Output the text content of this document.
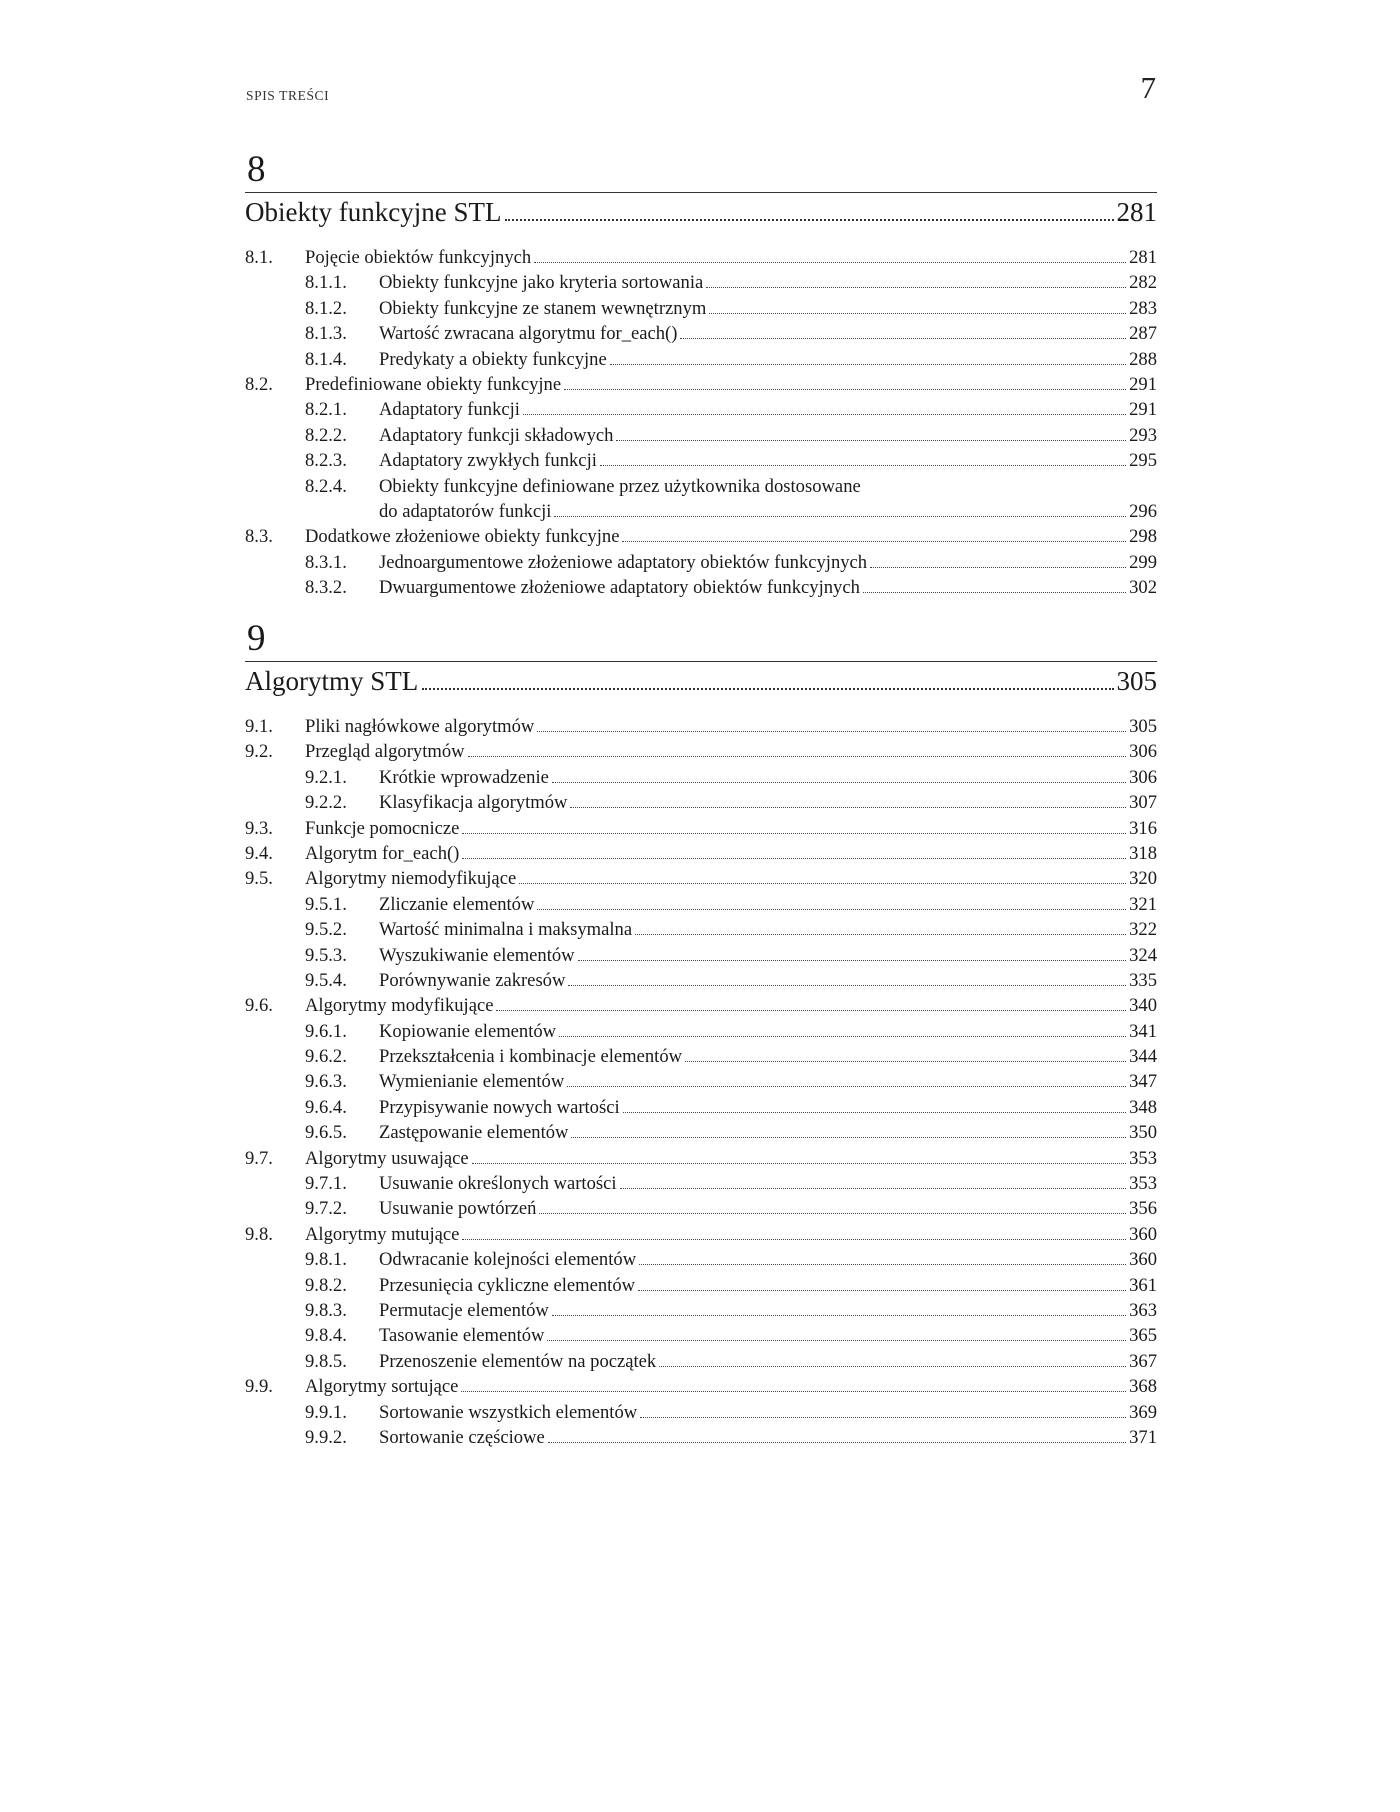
SPIS TREŚCI	7
8
Obiekty funkcyjne STL	281
8.1.	Pojęcie obiektów funkcyjnych	281
8.1.1.	Obiekty funkcyjne jako kryteria sortowania	282
8.1.2.	Obiekty funkcyjne ze stanem wewnętrznym	283
8.1.3.	Wartość zwracana algorytmu for_each()	287
8.1.4.	Predykaty a obiekty funkcyjne	288
8.2.	Predefiniowane obiekty funkcyjne	291
8.2.1.	Adaptatory funkcji	291
8.2.2.	Adaptatory funkcji składowych	293
8.2.3.	Adaptatory zwykłych funkcji	295
8.2.4.	Obiekty funkcyjne definiowane przez użytkownika dostosowane
do adaptatorów funkcji	296
8.3.	Dodatkowe złożeniowe obiekty funkcyjne	298
8.3.1.	Jednoargumentowe złożeniowe adaptatory obiektów funkcyjnych	299
8.3.2.	Dwuargumentowe złożeniowe adaptatory obiektów funkcyjnych	302
9
Algorytmy STL	305
9.1.	Pliki nagłówkowe algorytmów	305
9.2.	Przegląd algorytmów	306
9.2.1.	Krótkie wprowadzenie	306
9.2.2.	Klasyfikacja algorytmów	307
9.3.	Funkcje pomocnicze	316
9.4.	Algorytm for_each()	318
9.5.	Algorytmy niemodyfikujące	320
9.5.1.	Zliczanie elementów	321
9.5.2.	Wartość minimalna i maksymalna	322
9.5.3.	Wyszukiwanie elementów	324
9.5.4.	Porównywanie zakresów	335
9.6.	Algorytmy modyfikujące	340
9.6.1.	Kopiowanie elementów	341
9.6.2.	Przekształcenia i kombinacje elementów	344
9.6.3.	Wymienianie elementów	347
9.6.4.	Przypisywanie nowych wartości	348
9.6.5.	Zastępowanie elementów	350
9.7.	Algorytmy usuwające	353
9.7.1.	Usuwanie określonych wartości	353
9.7.2.	Usuwanie powtórzeń	356
9.8.	Algorytmy mutujące	360
9.8.1.	Odwracanie kolejności elementów	360
9.8.2.	Przesunięcia cykliczne elementów	361
9.8.3.	Permutacje elementów	363
9.8.4.	Tasowanie elementów	365
9.8.5.	Przenoszenie elementów na początek	367
9.9.	Algorytmy sortujące	368
9.9.1.	Sortowanie wszystkich elementów	369
9.9.2.	Sortowanie częściowe	371
